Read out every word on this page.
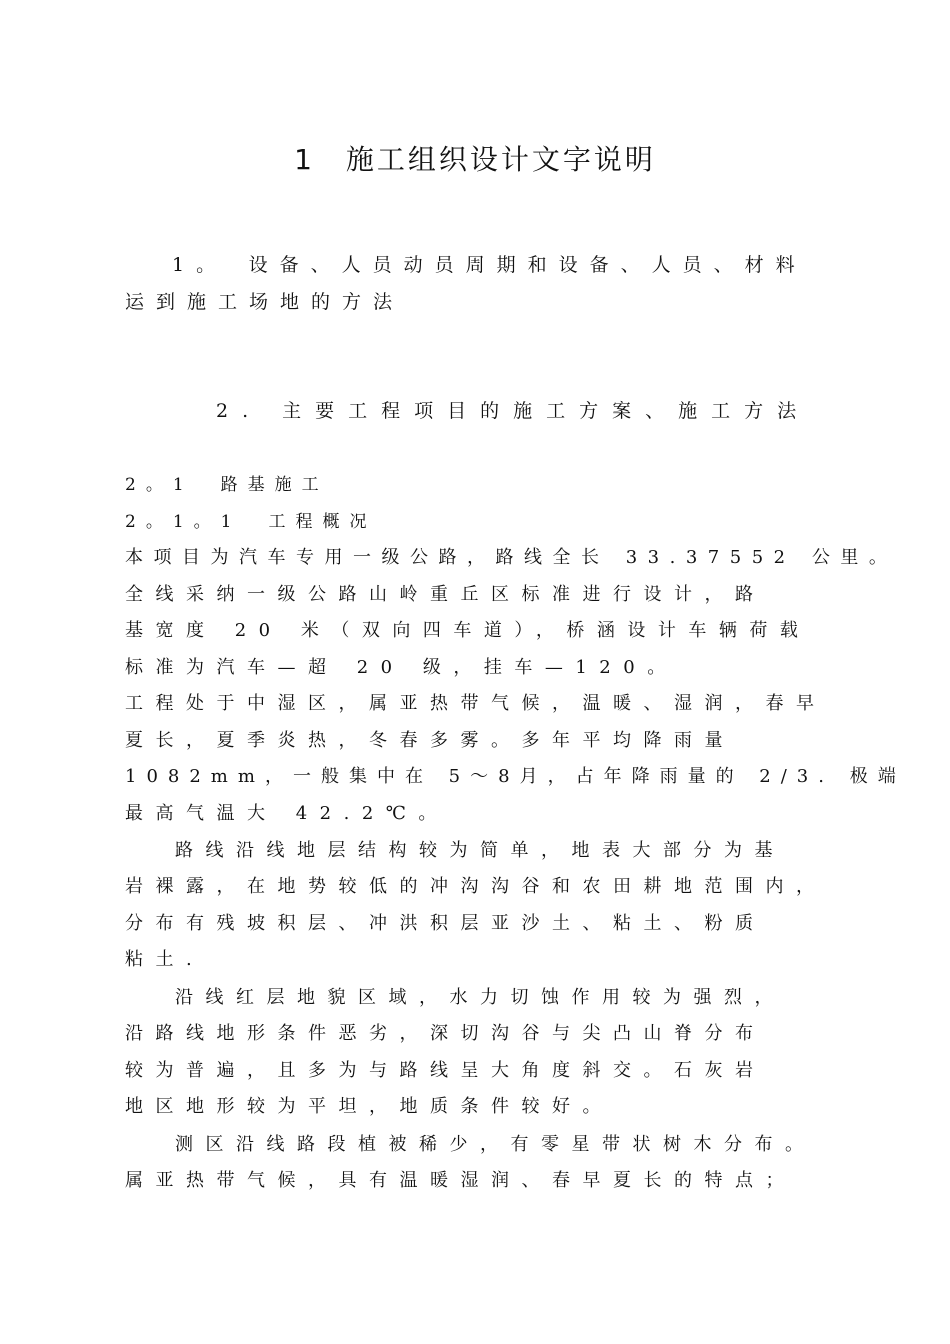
1　施工组织设计文字说明
1。　设备、人员动员周期和设备、人员、材料
运到施工场地的方法
2. 主要工程项目的施工方案、施工方法
2。1　路基施工
2。1。1　工程概况
本项目为汽车专用一级公路，路线全长 33.37552 公里。
全线采纳一级公路山岭重丘区标准进行设计，路
基宽度 20 米（双向四车道），桥涵设计车辆荷载
标准为汽车—超 20 级，挂车—120。
工程处于中湿区，属亚热带气候，温暖、湿润，春早
夏长，夏季炎热，冬春多雾。多年平均降雨量
1082mm，一般集中在 5～8月，占年降雨量的 2/3. 极端
最高气温大 42.2℃。
路线沿线地层结构较为简单，地表大部分为基
岩裸露，在地势较低的冲沟沟谷和农田耕地范围内，
分布有残坡积层、冲洪积层亚沙土、粘土、粉质
粘土.
沿线红层地貌区域，水力切蚀作用较为强烈，
沿路线地形条件恶劣，深切沟谷与尖凸山脊分布
较为普遍，且多为与路线呈大角度斜交。石灰岩
地区地形较为平坦，地质条件较好。
测区沿线路段植被稀少，有零星带状树木分布。
属亚热带气候，具有温暖湿润、春早夏长的特点；
